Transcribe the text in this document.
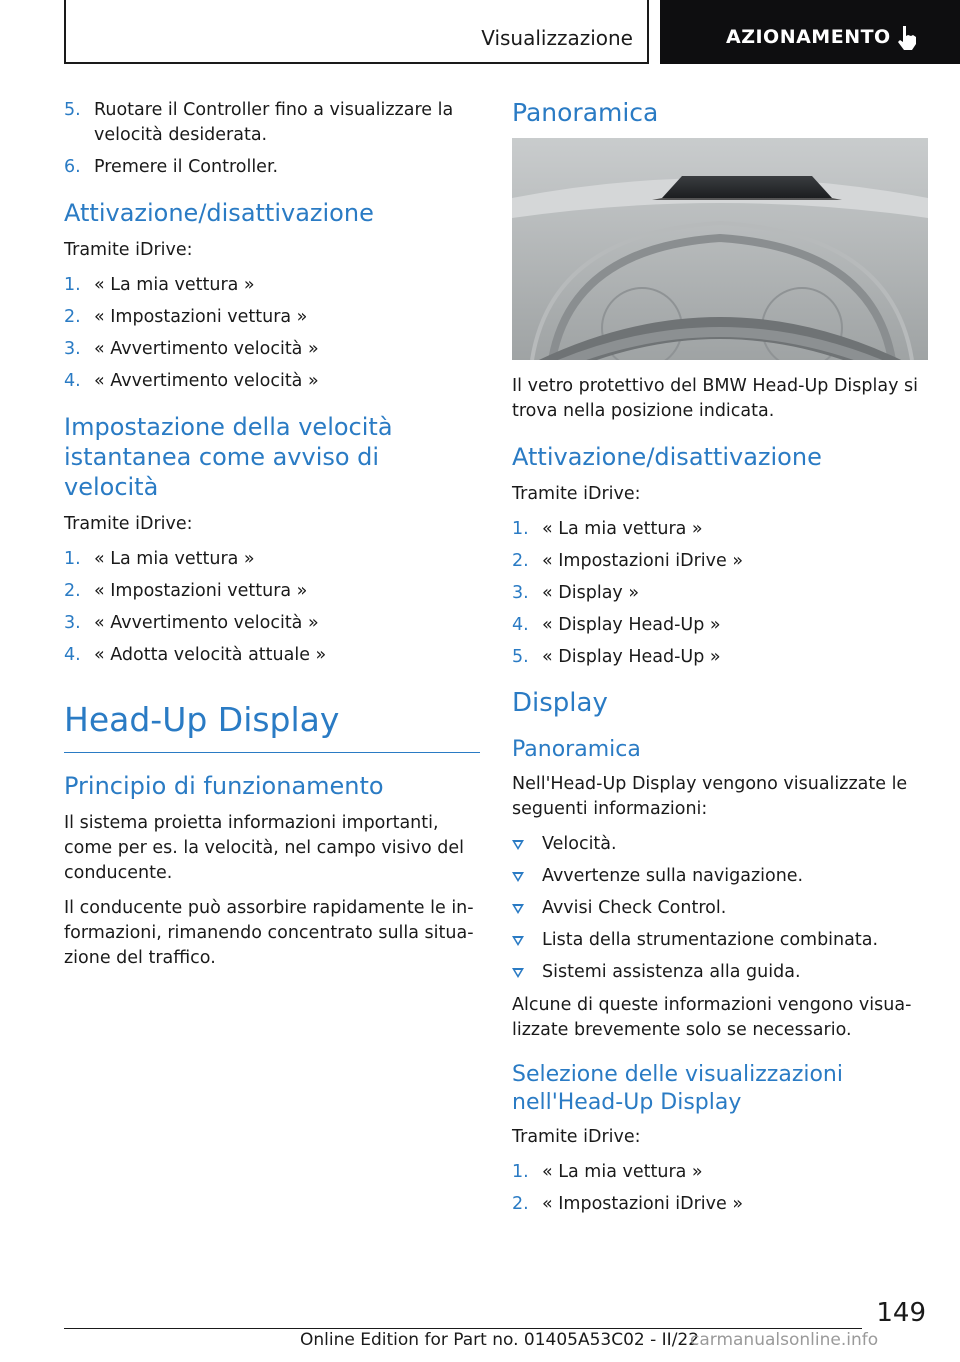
Visualizzazione	AZIONAMENTO
5. Ruotare il Controller fino a visualizzare la velocità desiderata.
6. Premere il Controller.
Attivazione/disattivazione

Tramite iDrive:

1. « La mia vettura »
2. « Impostazioni vettura »
3. « Avvertimento velocità »
4. « Avvertimento velocità »
Impostazione della velocità istantanea come avviso di velocità

Tramite iDrive:

1. « La mia vettura »
2. « Impostazioni vettura »
3. « Avvertimento velocità »
4. « Adotta velocità attuale »
Head-Up Display
Principio di funzionamento

Il sistema proietta informazioni importanti, come per es. la velocità, nel campo visivo del conducente.

Il conducente può assorbire rapidamente le informazioni, rimanendo concentrato sulla situazione del traffico.

Panoramica

Il vetro protettivo del BMW Head-Up Display si trova nella posizione indicata.

Attivazione/disattivazione

Tramite iDrive:

1. « La mia vettura »
2. « Impostazioni iDrive »
3. « Display »
4. « Display Head-Up »
5. « Display Head-Up »
Display
Panoramica

Nell'Head-Up Display vengono visualizzate le seguenti informazioni:

Velocità.
Avvertenze sulla navigazione.
Avvisi Check Control.
Lista della strumentazione combinata.
Sistemi assistenza alla guida.

Alcune di queste informazioni vengono visualizzate brevemente solo se necessario.

Selezione delle visualizzazioni nell'Head-Up Display

Tramite iDrive:

1. « La mia vettura »
2. « Impostazioni iDrive »
149
Online Edition for Part no. 01405A53C02 - II/22
carmanualsonline.info
